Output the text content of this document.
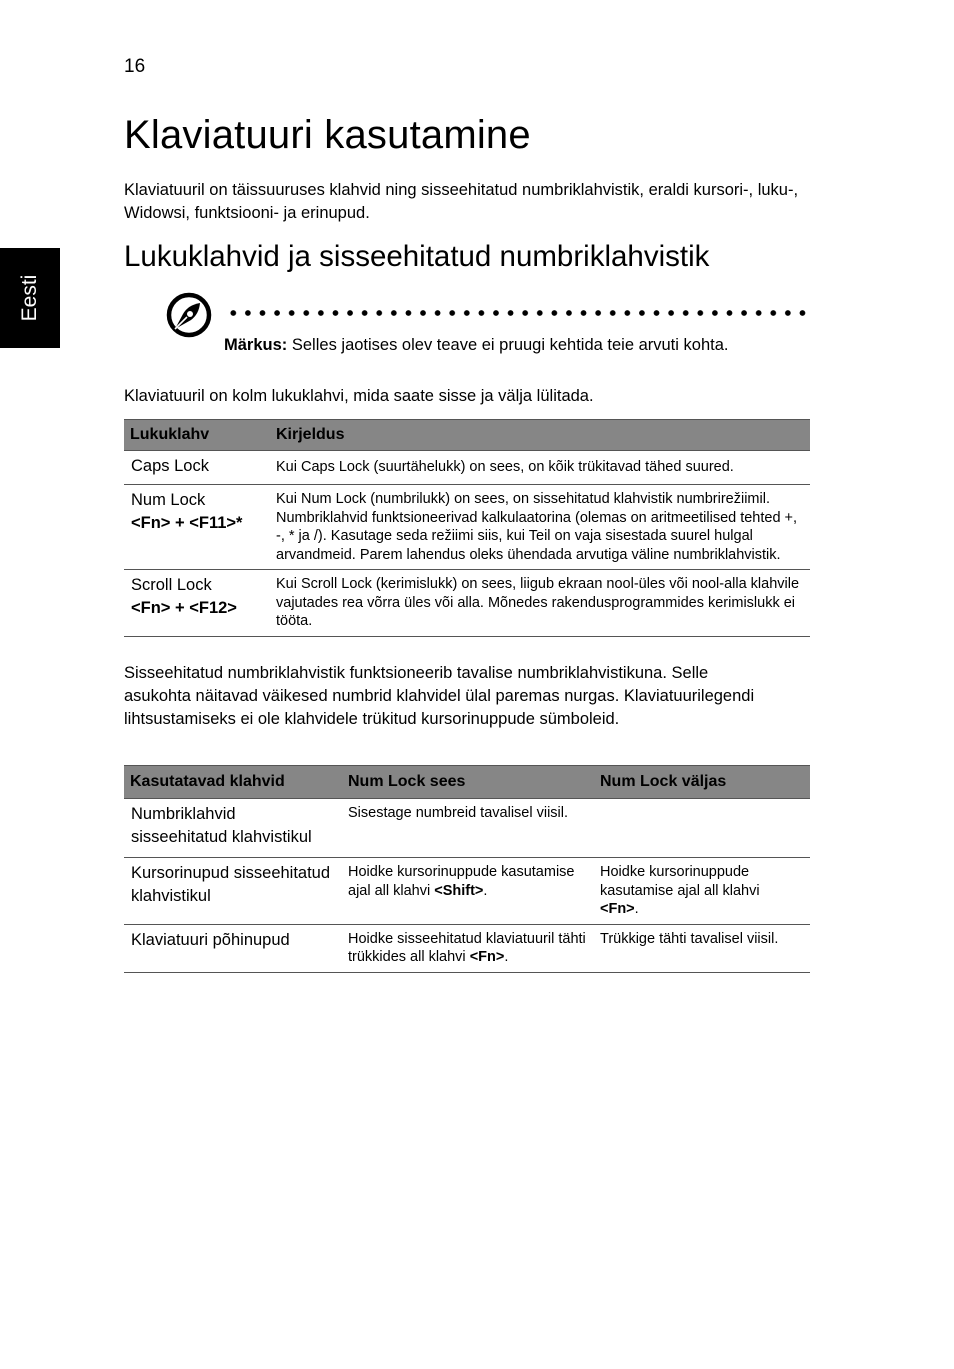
16
Eesti
Klaviatuuri kasutamine

Klaviatuuril on täissuuruses klahvid ning sisseehitatud numbriklahvistik, eraldi kursori-, luku-, Widowsi, funktsiooni- ja erinupud.

Lukuklahvid ja sisseehitatud numbriklahvistik

Märkus: Selles jaotises olev teave ei pruugi kehtida teie arvuti kohta.

Klaviatuuril on kolm lukuklahvi, mida saate sisse ja välja lülitada.

Lukuklahv	Kirjeldus
Caps Lock	Kui Caps Lock (suurtähelukk) on sees, on kõik trükitavad tähed suured.
Num Lock
<Fn> + <F11>*	Kui Num Lock (numbrilukk) on sees, on sissehitatud klahvistik numbrirežiimil. Numbriklahvid funktsioneerivad kalkulaatorina (olemas on aritmeetilised tehted +, -, * ja /). Kasutage seda režiimi siis, kui Teil on vaja sisestada suurel hulgal arvandmeid. Parem lahendus oleks ühendada arvutiga väline numbriklahvistik.
Scroll Lock
<Fn> + <F12>	Kui Scroll Lock (kerimislukk) on sees, liigub ekraan nool-üles või nool-alla klahvile vajutades rea võrra üles või alla. Mõnedes rakendusprogrammides kerimislukk ei tööta.

Sisseehitatud numbriklahvistik funktsioneerib tavalise numbriklahvistikuna. Selle asukohta näitavad väikesed numbrid klahvidel ülal paremas nurgas. Klaviatuurilegendi lihtsustamiseks ei ole klahvidele trükitud kursorinuppude sümboleid.

Kasutatavad klahvid	Num Lock sees	Num Lock väljas
Numbriklahvid sisseehitatud klahvistikul	Sisestage numbreid tavalisel viisil.	
Kursorinupud sisseehitatud klahvistikul	Hoidke kursorinuppude kasutamise ajal all klahvi <Shift>.	Hoidke kursorinuppude kasutamise ajal all klahvi <Fn>.
Klaviatuuri põhinupud	Hoidke sisseehitatud klaviatuuril tähti trükkides all klahvi <Fn>.	Trükkige tähti tavalisel viisil.
